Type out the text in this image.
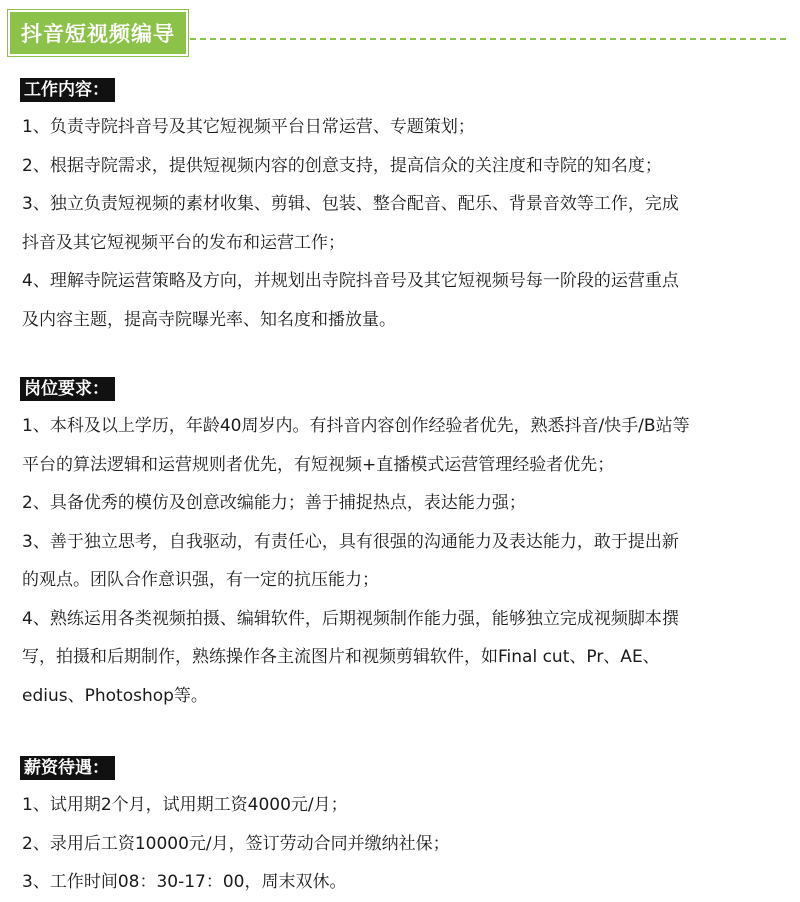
抖音短视频编导
工作内容：

1、负责寺院抖音号及其它短视频平台日常运营、专题策划；

2、根据寺院需求，提供短视频内容的创意支持，提高信众的关注度和寺院的知名度；

3、独立负责短视频的素材收集、剪辑、包装、整合配音、配乐、背景音效等工作，完成

抖音及其它短视频平台的发布和运营工作；

4、理解寺院运营策略及方向，并规划出寺院抖音号及其它短视频号每一阶段的运营重点

及内容主题，提高寺院曝光率、知名度和播放量。

岗位要求：

1、本科及以上学历，年龄40周岁内。有抖音内容创作经验者优先，熟悉抖音/快手/B站等

平台的算法逻辑和运营规则者优先，有短视频+直播模式运营管理经验者优先；

2、具备优秀的模仿及创意改编能力；善于捕捉热点，表达能力强；

3、善于独立思考，自我驱动，有责任心，具有很强的沟通能力及表达能力，敢于提出新

的观点。团队合作意识强，有一定的抗压能力；

4、熟练运用各类视频拍摄、编辑软件，后期视频制作能力强，能够独立完成视频脚本撰

写，拍摄和后期制作，熟练操作各主流图片和视频剪辑软件，如Final cut、Pr、AE、

edius、Photoshop等。

薪资待遇：

1、试用期2个月，试用期工资4000元/月；

2、录用后工资10000元/月，签订劳动合同并缴纳社保；

3、工作时间08：30-17：00，周末双休。
